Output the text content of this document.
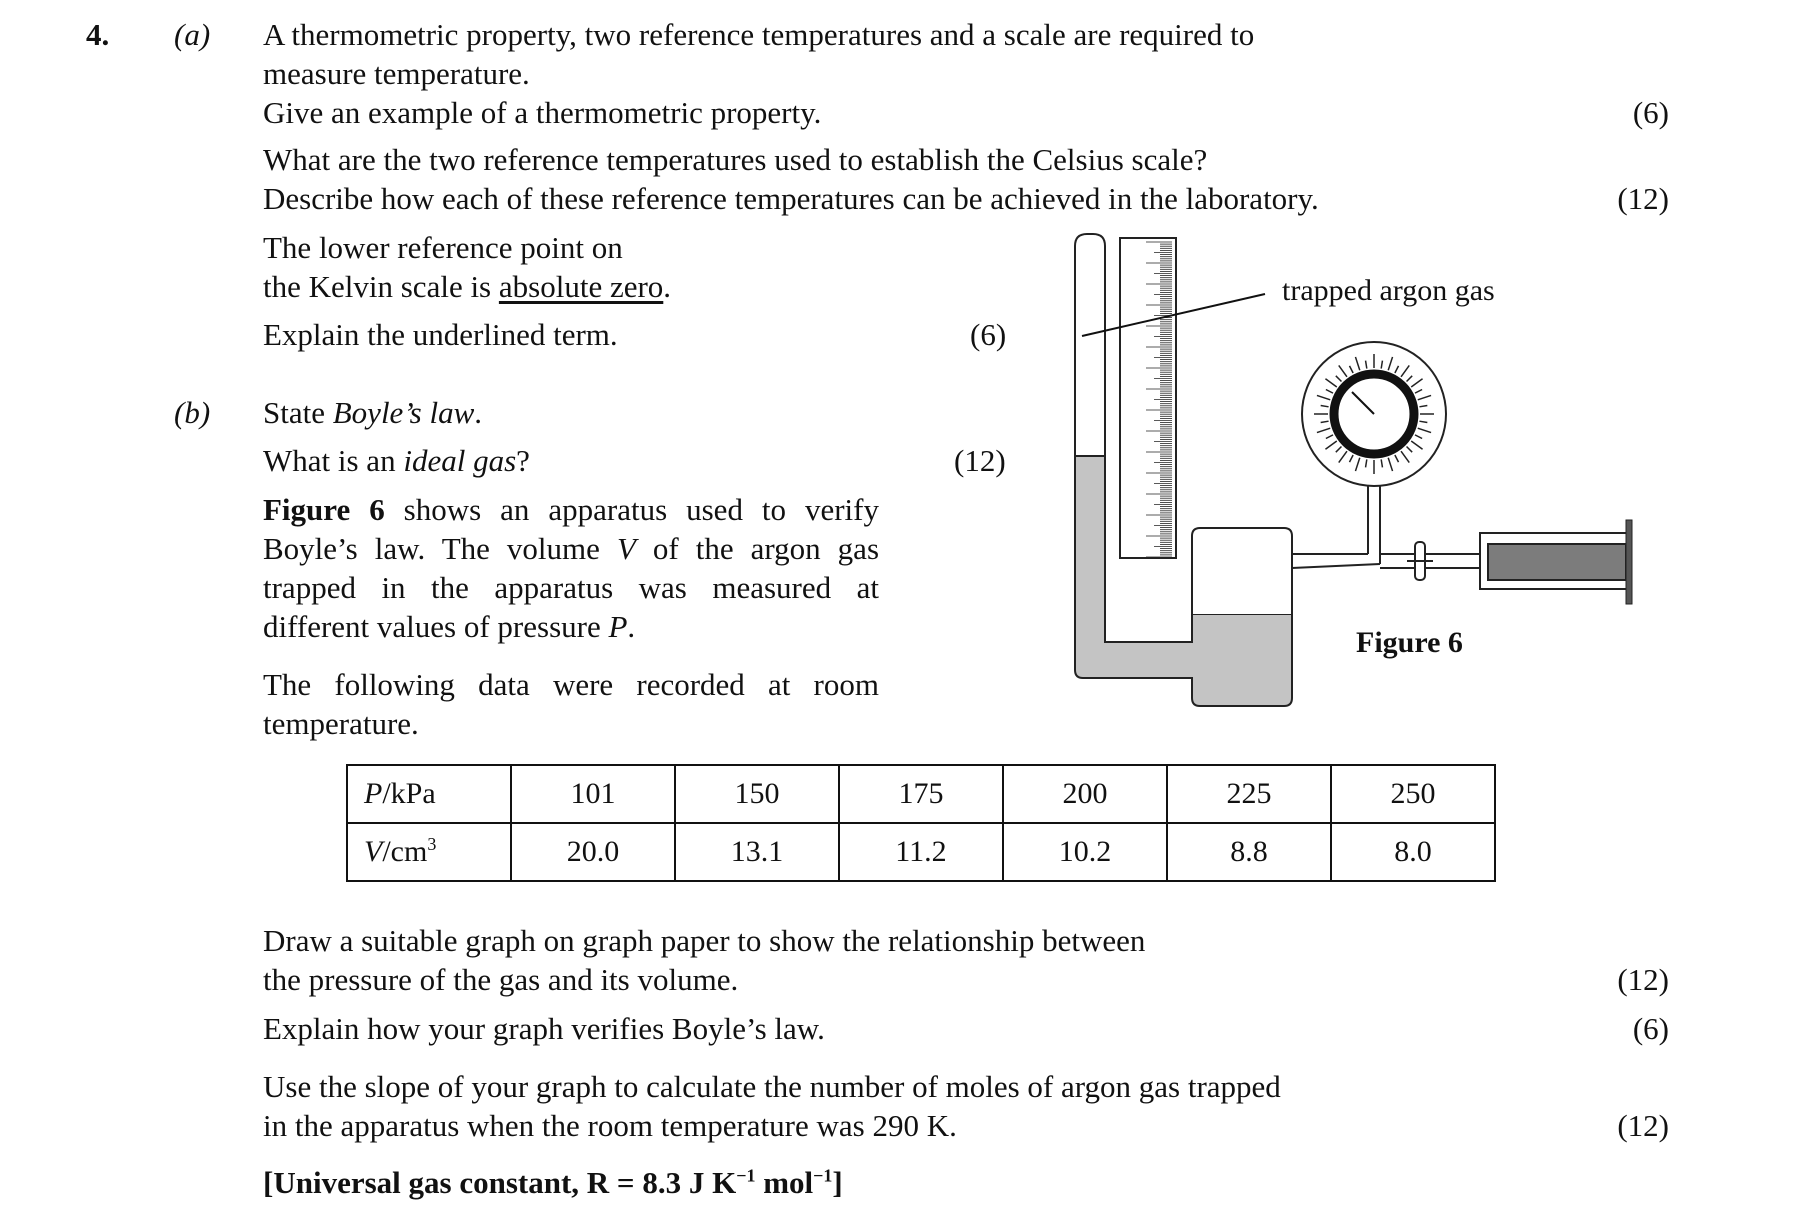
4. (a) A thermometric property, two reference temperatures and a scale are required to
measure temperature.
Give an example of a thermometric property.	(6)
What are the two reference temperatures used to establish the Celsius scale?
Describe how each of these reference temperatures can be achieved in the laboratory.	(12)
The lower reference point on
the Kelvin scale is absolute zero.
Explain the underlined term.	(6)
(b) State Boyle’s law.
What is an ideal gas?	(12)
Figure 6 shows an apparatus used to verify Boyle’s law. The volume V of the argon gas trapped in the apparatus was measured at different values of pressure P.
The following data were recorded at room temperature.
P/kPa	101	150	175	200	225	250
$V/cm^3$	20.0	13.1	11.2	10.2	8.8	8.0
Draw a suitable graph on graph paper to show the relationship between
the pressure of the gas and its volume.	(12)
Explain how your graph verifies Boyle’s law.	(6)
Use the slope of your graph to calculate the number of moles of argon gas trapped
in the apparatus when the room temperature was 290 K.	(12)
[Universal gas constant, R = 8.3 J $K^{-1}$ mol$^{-1}$]
trapped argon gas
Figure 6
